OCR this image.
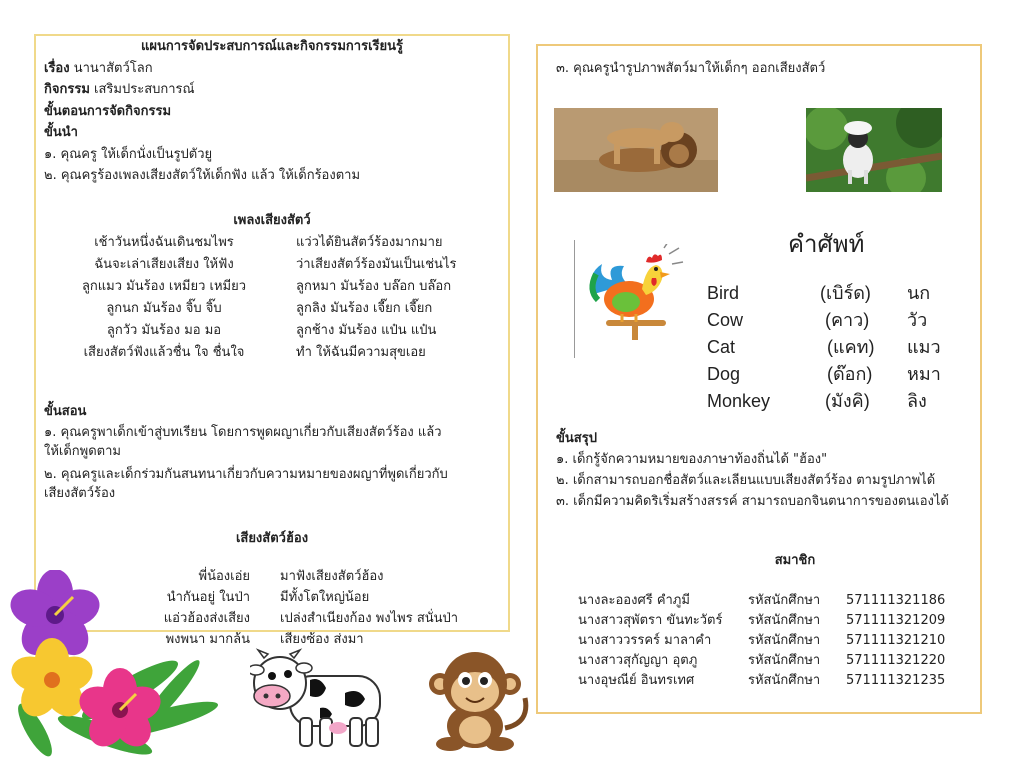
แผนการจัดประสบการณ์และกิจกรรมการเรียนรู้
เรื่อง นานาสัตว์โลก
กิจกรรม เสริมประสบการณ์
ขั้นตอนการจัดกิจกรรม
ขั้นนำ
๑. คุณครู ให้เด็กนั่งเป็นรูปตัวยู
๒. คุณครูร้องเพลงเสียงสัตว์ให้เด็กฟัง แล้ว ให้เด็กร้องตาม
เพลงเสียงสัตว์
เช้าวันหนึ่งฉันเดินชมไพร
ฉันจะเล่าเสียงเสียง ให้ฟัง
ลูกแมว มันร้อง เหมียว เหมียว
ลูกนก มันร้อง จิ๊บ จิ๊บ
ลูกวัว มันร้อง มอ มอ
เสียงสัตว์ฟังแล้วชื่น ใจ ชื่นใจ
แว่วได้ยินสัตว์ร้องมากมาย
ว่าเสียงสัตว์ร้องมันเป็นเช่นไร
ลูกหมา มันร้อง บล๊อก บล๊อก
ลูกลิง มันร้อง เจี๊ยก เจี๊ยก
ลูกช้าง มันร้อง แป๋น แป๋น
ทำ ให้ฉันมีความสุขเอย
ขั้นสอน
๑. คุณครูพาเด็กเข้าสู่บทเรียน โดยการพูดผญาเกี่ยวกับเสียงสัตว์ร้อง แล้ว
ให้เด็กพูดตาม
๒. คุณครูและเด็กร่วมกันสนทนาเกี่ยวกับความหมายของผญาที่พูดเกี่ยวกับ
เสียงสัตว์ร้อง
เสียงสัตว์ฮ้อง
พี่น้องเอ่ย
นำกันอยู่ ในป่า
แอ่วฮ้องส่งเสียง
พงพนา มากล้น
มาฟังเสียงสัตว์ฮ้อง
มีทั้งโตใหญ่น้อย
เปล่งสำเนียงก้อง พงไพร สนั่นป่า
เสียงซ้อง ส่งมา
๓. คุณครูนำรูปภาพสัตว์มาให้เด็กๆ ออกเสียงสัตว์
คำศัพท์
Bird	(เบิร์ด) นก
Cow	(คาว) วัว
Cat	(แคท) แมว
Dog	(ด๊อก) หมา
Monkey	(มังคิ) ลิง
ขั้นสรุป
๑. เด็กรู้จักความหมายของภาษาท้องถิ่นได้ "ฮ้อง"
๒. เด็กสามารถบอกชื่อสัตว์และเลียนแบบเสียงสัตว์ร้อง ตามรูปภาพได้
๓. เด็กมีความคิดริเริ่มสร้างสรรค์ สามารถบอกจินตนาการของตนเองได้
สมาชิก
นางละอองศรี คำภูมี	รหัสนักศึกษา 571111321186
นางสาวสุพัตรา ขันทะวัตร์ รหัสนักศึกษา 571111321209
นางสาววรรคร์ มาลาคำ	รหัสนักศึกษา 571111321210
นางสาวสุกัญญา อุตภู	รหัสนักศึกษา 571111321220
นางอุษณีย์ อินทรเทศ	รหัสนักศึกษา 571111321235
